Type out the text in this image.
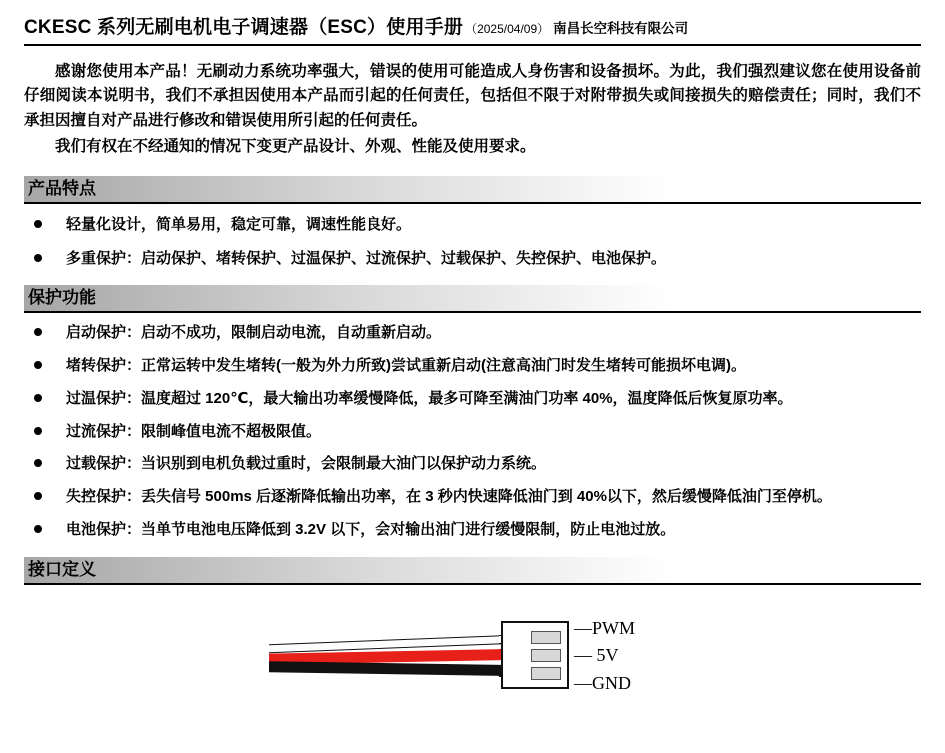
CKESC 系列无刷电机电子调速器（ESC）使用手册 （2025/04/09） 南昌长空科技有限公司

感谢您使用本产品！无刷动力系统功率强大，错误的使用可能造成人身伤害和设备损坏。为此，我们强烈建议您在使用设备前仔细阅读本说明书，我们不承担因使用本产品而引起的任何责任，包括但不限于对附带损失或间接损失的赔偿责任；同时，我们不承担因擅自对产品进行修改和错误使用所引起的任何责任。

我们有权在不经通知的情况下变更产品设计、外观、性能及使用要求。

产品特点
轻量化设计，简单易用，稳定可靠，调速性能良好。
多重保护：启动保护、堵转保护、过温保护、过流保护、过载保护、失控保护、电池保护。
保护功能
启动保护：启动不成功，限制启动电流，自动重新启动。
堵转保护：正常运转中发生堵转(一般为外力所致)尝试重新启动(注意高油门时发生堵转可能损坏电调)。
过温保护：温度超过 120℃，最大输出功率缓慢降低，最多可降至满油门功率 40%，温度降低后恢复原功率。
过流保护：限制峰值电流不超极限值。
过载保护：当识别到电机负载过重时，会限制最大油门以保护动力系统。
失控保护：丢失信号 500ms 后逐渐降低输出功率，在 3 秒内快速降低油门到 40%以下，然后缓慢降低油门至停机。
电池保护：当单节电池电压降低到 3.2V 以下，会对输出油门进行缓慢限制，防止电池过放。
接口定义
—PWM
— 5V
—GND
